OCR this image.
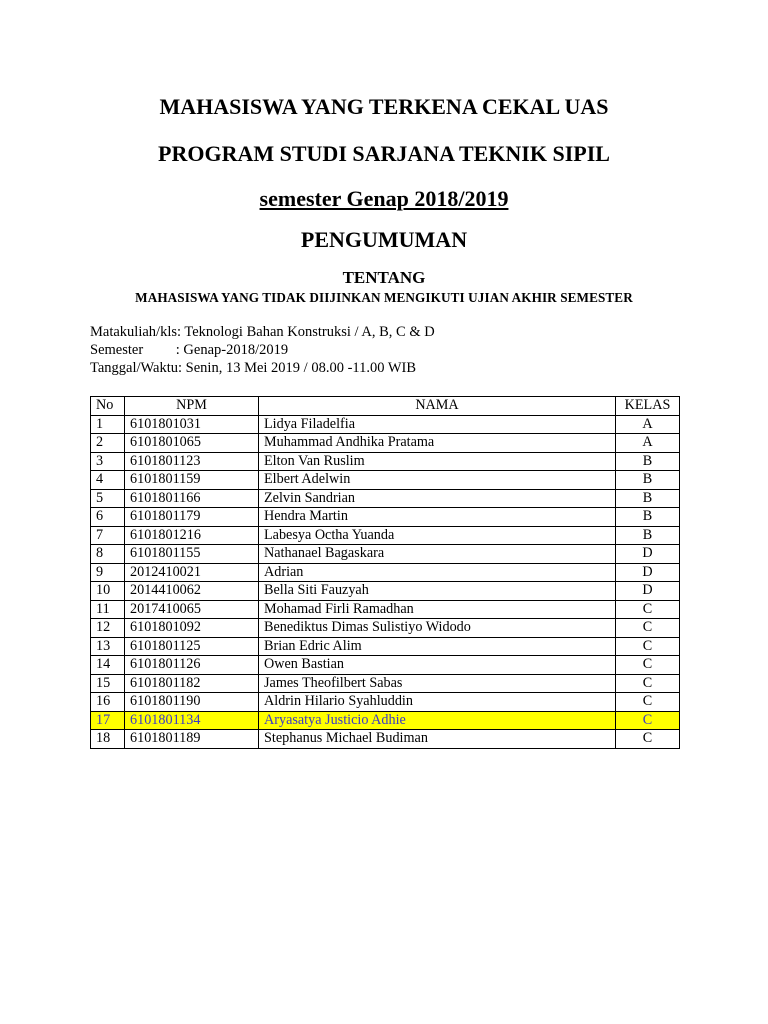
MAHASISWA YANG TERKENA CEKAL UAS
PROGRAM STUDI SARJANA TEKNIK SIPIL
semester Genap 2018/2019
PENGUMUMAN
TENTANG
MAHASISWA YANG TIDAK DIIJINKAN MENGIKUTI UJIAN AKHIR SEMESTER
Matakuliah/kls: Teknologi Bahan Konstruksi / A, B, C & D
Semester         : Genap-2018/2019
Tanggal/Waktu: Senin, 13 Mei 2019 / 08.00 -11.00 WIB
No	NPM	NAMA	KELAS
1	6101801031	Lidya Filadelfia	A
2	6101801065	Muhammad Andhika Pratama	A
3	6101801123	Elton Van Ruslim	B
4	6101801159	Elbert Adelwin	B
5	6101801166	Zelvin Sandrian	B
6	6101801179	Hendra Martin	B
7	6101801216	Labesya Octha Yuanda	B
8	6101801155	Nathanael Bagaskara	D
9	2012410021	Adrian	D
10	2014410062	Bella Siti Fauzyah	D
11	2017410065	Mohamad Firli Ramadhan	C
12	6101801092	Benediktus Dimas Sulistiyo Widodo	C
13	6101801125	Brian Edric Alim	C
14	6101801126	Owen Bastian	C
15	6101801182	James Theofilbert Sabas	C
16	6101801190	Aldrin Hilario Syahluddin	C
17	6101801134	Aryasatya Justicio Adhie	C
18	6101801189	Stephanus Michael Budiman	C
